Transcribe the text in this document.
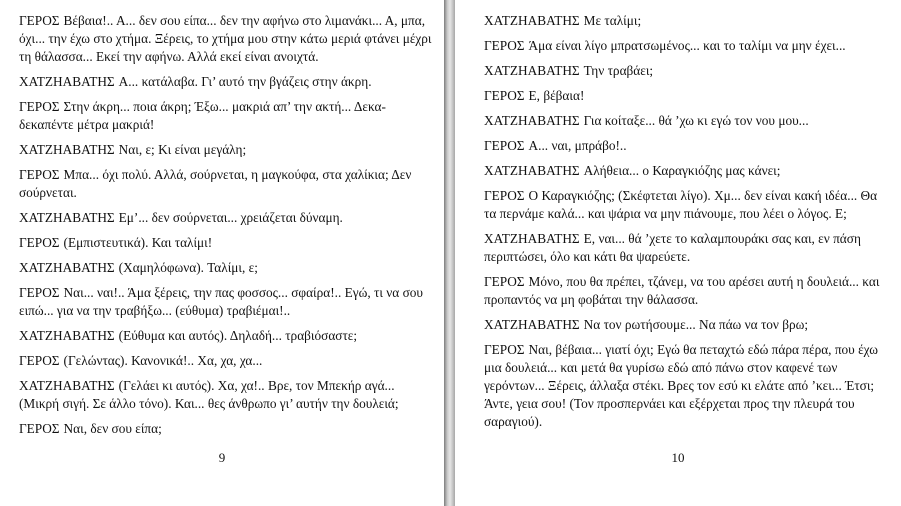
ΓΕΡΟΣ Βέβαια!.. Α... δεν σου είπα... δεν την αφήνω στο λιμανάκι... Α, μπα, όχι... την έχω στο χτήμα. Ξέρεις, το χτήμα μου στην κάτω μεριά φτάνει μέχρι τη θάλασσα... Εκεί την αφήνω. Αλλά εκεί είναι ανοιχτά.

ΧΑΤΖΗΑΒΑΤΗΣ Α... κατάλαβα. Γι’ αυτό την βγάζεις στην άκρη.

ΓΕΡΟΣ Στην άκρη... ποια άκρη; Έξω... μακριά απ’ την ακτή... Δεκα-δεκαπέντε μέτρα μακριά!

ΧΑΤΖΗΑΒΑΤΗΣ Ναι, ε; Κι είναι μεγάλη;

ΓΕΡΟΣ Μπα... όχι πολύ. Αλλά, σούρνεται, η μαγκούφα, στα χαλίκια; Δεν σούρνεται.

ΧΑΤΖΗΑΒΑΤΗΣ Εμ’... δεν σούρνεται... χρειάζεται δύναμη.

ΓΕΡΟΣ (Εμπιστευτικά). Και ταλίμι!

ΧΑΤΖΗΑΒΑΤΗΣ (Χαμηλόφωνα). Ταλίμι, ε;

ΓΕΡΟΣ Ναι... ναι!.. Άμα ξέρεις, την πας φοσσος... σφαίρα!.. Εγώ, τι να σου ειπώ... για να την τραβήξω... (εύθυμα) τραβιέμαι!..

ΧΑΤΖΗΑΒΑΤΗΣ (Εύθυμα και αυτός). Δηλαδή... τραβιόσαστε;

ΓΕΡΟΣ (Γελώντας). Κανονικά!.. Χα, χα, χα...

ΧΑΤΖΗΑΒΑΤΗΣ (Γελάει κι αυτός). Χα, χα!.. Βρε, τον Μπεκήρ αγά... (Μικρή σιγή. Σε άλλο τόνο). Και... θες άνθρωπο γι’ αυτήν την δουλειά;

ΓΕΡΟΣ Ναι, δεν σου είπα;

9

ΧΑΤΖΗΑΒΑΤΗΣ Με ταλίμι;

ΓΕΡΟΣ Άμα είναι λίγο μπρατσωμένος... και το ταλίμι να μην έχει...

ΧΑΤΖΗΑΒΑΤΗΣ Την τραβάει;

ΓΕΡΟΣ Ε, βέβαια!

ΧΑΤΖΗΑΒΑΤΗΣ Για κοίταξε... θά ’χω κι εγώ τον νου μου...

ΓΕΡΟΣ Α... ναι, μπράβο!..

ΧΑΤΖΗΑΒΑΤΗΣ Αλήθεια... ο Καραγκιόζης μας κάνει;

ΓΕΡΟΣ Ο Καραγκιόζης; (Σκέφτεται λίγο). Χμ... δεν είναι κακή ιδέα... Θα τα περνάμε καλά... και ψάρια να μην πιάνουμε, που λέει ο λόγος. Ε;

ΧΑΤΖΗΑΒΑΤΗΣ Ε, ναι... θά ’χετε το καλαμπουράκι σας και, εν πάση περιπτώσει, όλο και κάτι θα ψαρεύετε.

ΓΕΡΟΣ Μόνο, που θα πρέπει, τζάνεμ, να του αρέσει αυτή η δουλειά... και προπαντός να μη φοβάται την θάλασσα.

ΧΑΤΖΗΑΒΑΤΗΣ Να τον ρωτήσουμε... Να πάω να τον βρω;

ΓΕΡΟΣ Ναι, βέβαια... γιατί όχι; Εγώ θα πεταχτώ εδώ πάρα πέρα, που έχω μια δουλειά... και μετά θα γυρίσω εδώ από πάνω στον καφενέ των γερόντων... Ξέρεις, άλλαξα στέκι. Βρες τον εσύ κι ελάτε από ’κει... Έτσι; Άντε, γεια σου! (Τον προσπερνάει και εξέρχεται προς την πλευρά του σαραγιού).

10
